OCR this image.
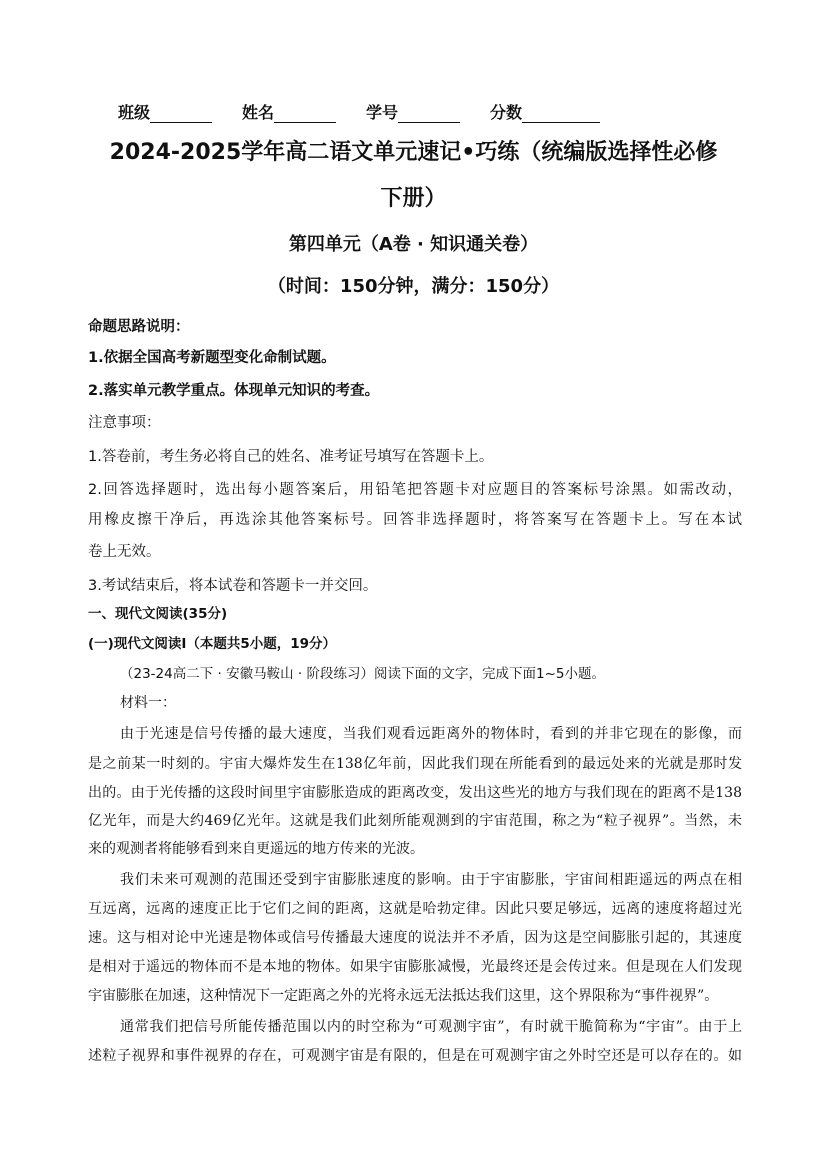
班级	姓名	学号	分数
2024-2025学年高二语文单元速记•巧练（统编版选择性必修
下册）
第四单元（A卷 · 知识通关卷）
（时间：150分钟，满分：150分）
命题思路说明：
1.依据全国高考新题型变化命制试题。
2.落实单元教学重点。体现单元知识的考查。
注意事项：
1.答卷前，考生务必将自己的姓名、准考证号填写在答题卡上。
2.回答选择题时，选出每小题答案后，用铅笔把答题卡对应题目的答案标号涂黑。如需改动，
用橡皮擦干净后，再选涂其他答案标号。回答非选择题时，将答案写在答题卡上。写在本试
卷上无效。
3.考试结束后，将本试卷和答题卡一并交回。
一、现代文阅读(35分)
(一)现代文阅读I（本题共5小题，19分）
（23-24高二下 · 安徽马鞍山 · 阶段练习）阅读下面的文字，完成下面1~5小题。
材料一：
由于光速是信号传播的最大速度，当我们观看远距离外的物体时，看到的并非它现在的影像，而
是之前某一时刻的。宇宙大爆炸发生在138亿年前，因此我们现在所能看到的最远处来的光就是那时发
出的。由于光传播的这段时间里宇宙膨胀造成的距离改变，发出这些光的地方与我们现在的距离不是138
亿光年，而是大约469亿光年。这就是我们此刻所能观测到的宇宙范围，称之为“粒子视界”。当然，未
来的观测者将能够看到来自更遥远的地方传来的光波。
我们未来可观测的范围还受到宇宙膨胀速度的影响。由于宇宙膨胀，宇宙间相距遥远的两点在相
互远离，远离的速度正比于它们之间的距离，这就是哈勃定律。因此只要足够远，远离的速度将超过光
速。这与相对论中光速是物体或信号传播最大速度的说法并不矛盾，因为这是空间膨胀引起的，其速度
是相对于遥远的物体而不是本地的物体。如果宇宙膨胀减慢，光最终还是会传过来。但是现在人们发现
宇宙膨胀在加速，这种情况下一定距离之外的光将永远无法抵达我们这里，这个界限称为“事件视界”。
通常我们把信号所能传播范围以内的时空称为“可观测宇宙”，有时就干脆简称为“宇宙”。由于上
述粒子视界和事件视界的存在，可观测宇宙是有限的，但是在可观测宇宙之外时空还是可以存在的。如
